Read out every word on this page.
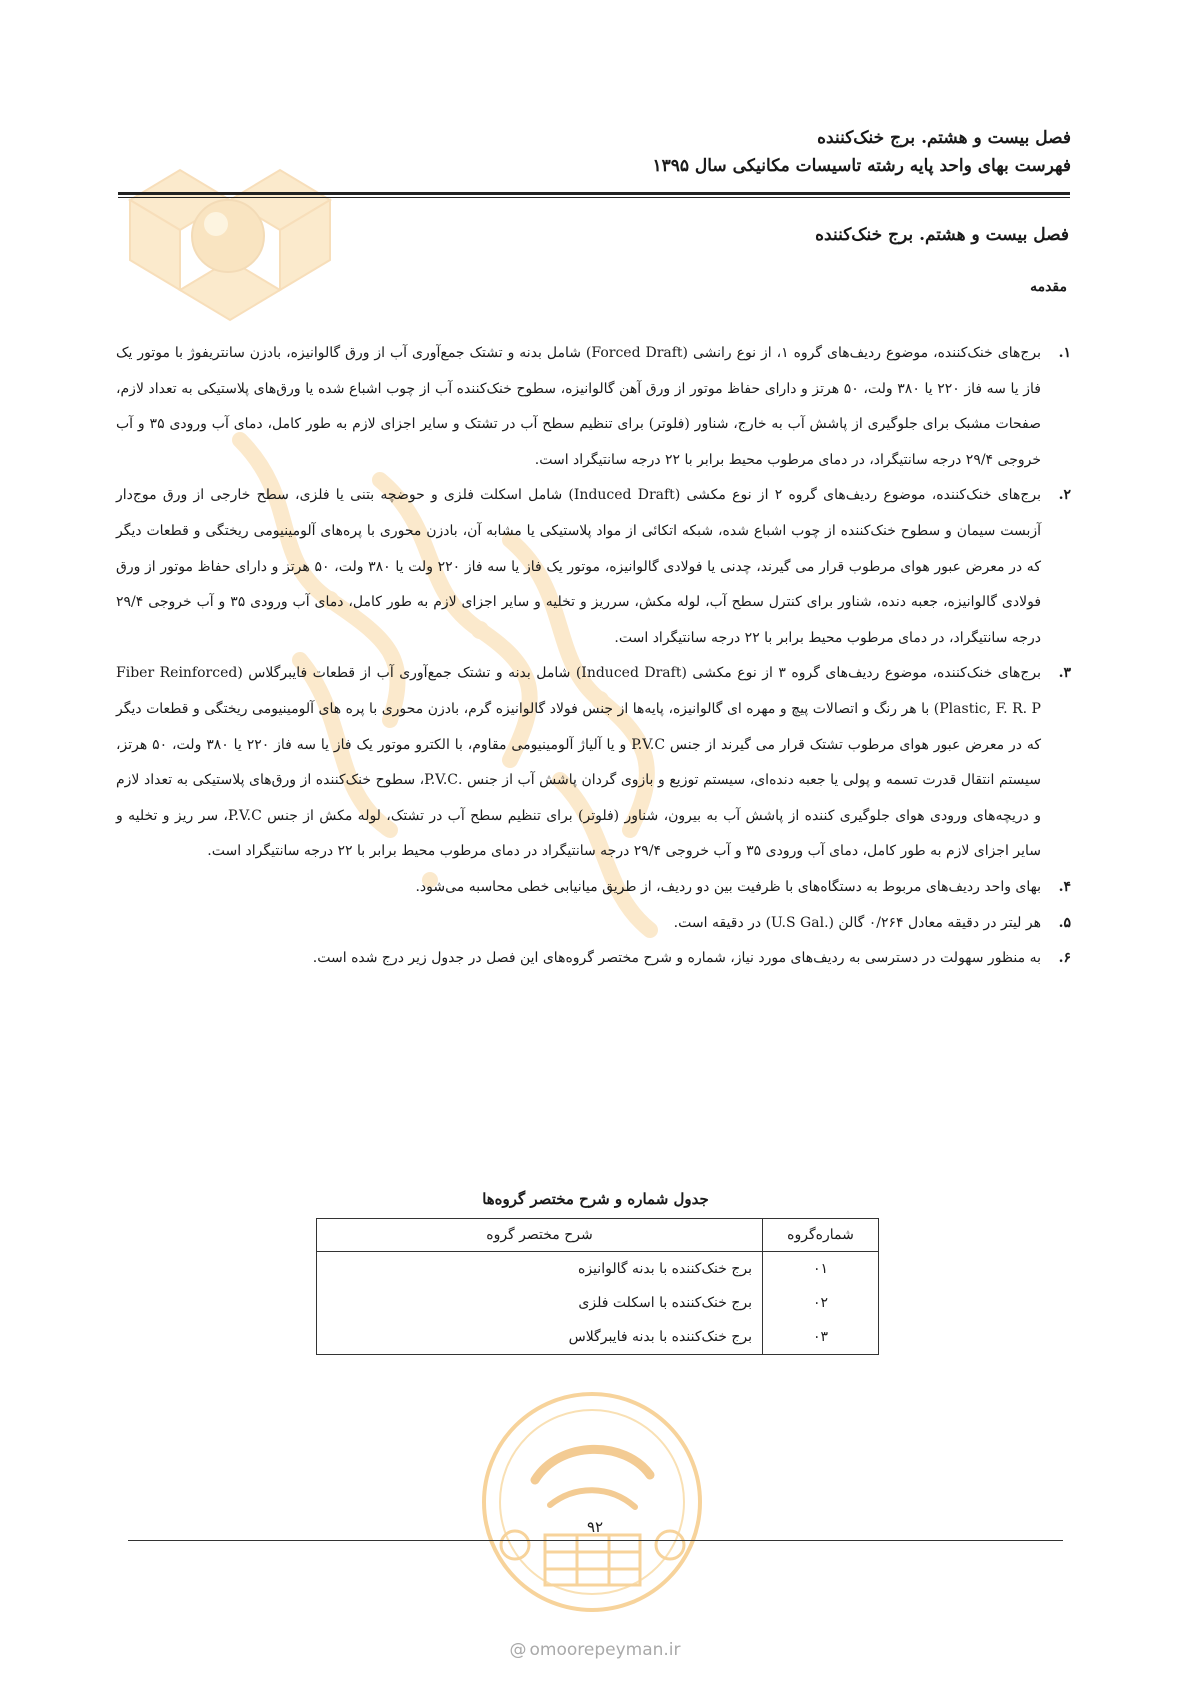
فصل بیست و هشتم. برج خنک‌کننده

فهرست بهای واحد پایه رشته تاسیسات مکانیکی سال ۱۳۹۵

فصل بیست و هشتم. برج خنک‌کننده
مقدمه
۱.
برج‌های خنک‌کننده، موضوع ردیف‌های گروه ۱، از نوع رانشی (Forced Draft) شامل بدنه و تشتک جمع‌آوری آب از ورق گالوانیزه، بادزن سانتریفوژ با موتور یک فاز یا سه فاز ۲۲۰ یا ۳۸۰ ولت، ۵۰ هرتز و دارای حفاظ موتور از ورق آهن گالوانیزه، سطوح خنک‌کننده آب از چوب اشباع شده یا ورق‌های پلاستیکی به تعداد لازم، صفحات مشبک برای جلوگیری از پاشش آب به خارج، شناور (فلوتر) برای تنظیم سطح آب در تشتک و سایر اجزای لازم به طور کامل، دمای آب ورودی ۳۵ و آب خروجی ۲۹/۴ درجه سانتیگراد، در دمای مرطوب محیط برابر با ۲۲ درجه سانتیگراد است.
۲.
برج‌های خنک‌کننده، موضوع ردیف‌های گروه ۲ از نوع مکشی (Induced Draft) شامل اسکلت فلزی و حوضچه بتنی یا فلزی، سطح خارجی از ورق موج‌دار آزبست سیمان و سطوح خنک‌کننده از چوب اشباع شده، شبکه اتکائی از مواد پلاستیکی یا مشابه آن، بادزن محوری با پره‌های آلومینیومی ریختگی و قطعات دیگر که در معرض عبور هوای مرطوب قرار می گیرند، چدنی یا فولادی گالوانیزه، موتور یک فاز یا سه فاز ۲۲۰ ولت یا ۳۸۰ ولت، ۵۰ هرتز و دارای حفاظ موتور از ورق فولادی گالوانیزه، جعبه دنده، شناور برای کنترل سطح آب، لوله مکش، سرریز و تخلیه و سایر اجزای لازم به طور کامل، دمای آب ورودی ۳۵ و آب خروجی ۲۹/۴ درجه سانتیگراد، در دمای مرطوب محیط برابر با ۲۲ درجه سانتیگراد است.
۳.
برج‌های خنک‌کننده، موضوع ردیف‌های گروه ۳ از نوع مکشی (Induced Draft) شامل بدنه و تشتک جمع‌آوری آب از قطعات فایبرگلاس (Fiber Reinforced Plastic, F. R. P) با هر رنگ و اتصالات پیچ و مهره ای گالوانیزه، پایه‌ها از جنس فولاد گالوانیزه گرم، بادزن محوری با پره های آلومینیومی ریختگی و قطعات دیگر که در معرض عبور هوای مرطوب تشتک قرار می گیرند از جنس P.V.C و یا آلیاژ آلومینیومی مقاوم، با الکترو موتور یک فاز یا سه فاز ۲۲۰ یا ۳۸۰ ولت، ۵۰ هرتز، سیستم انتقال قدرت تسمه و پولی یا جعبه دنده‌ای، سیستم توزیع و بازوی گردان پاشش آب از جنس .P.V.C، سطوح خنک‌کننده از ورق‌های پلاستیکی به تعداد لازم و دریچه‌های ورودی هوای جلوگیری کننده از پاشش آب به بیرون، شناور (فلوتر) برای تنظیم سطح آب در تشتک، لوله مکش از جنس P.V.C، سر ریز و تخلیه و سایر اجزای لازم به طور کامل، دمای آب ورودی ۳۵ و آب خروجی ۲۹/۴ درجه سانتیگراد در دمای مرطوب محیط برابر با ۲۲ درجه سانتیگراد است.
۴.
بهای واحد ردیف‌های مربوط به دستگاه‌های با ظرفیت بین دو ردیف، از طریق میانیابی خطی محاسبه می‌شود.
۵.
هر لیتر در دقیقه معادل ۰/۲۶۴ گالن (.U.S Gal) در دقیقه است.
۶.
به منظور سهولت در دسترسی به ردیف‌های مورد نیاز، شماره و شرح مختصر گروه‌های این فصل در جدول زیر درج شده است.

جدول شماره و شرح مختصر گروه‌ها

شماره‌گروه	شرح مختصر گروه
۰۱	برج خنک‌کننده با بدنه گالوانیزه
۰۲	برج خنک‌کننده با اسکلت فلزی
۰۳	برج خنک‌کننده با بدنه فایبرگلاس

۹۲

@ omoorepeyman.ir
